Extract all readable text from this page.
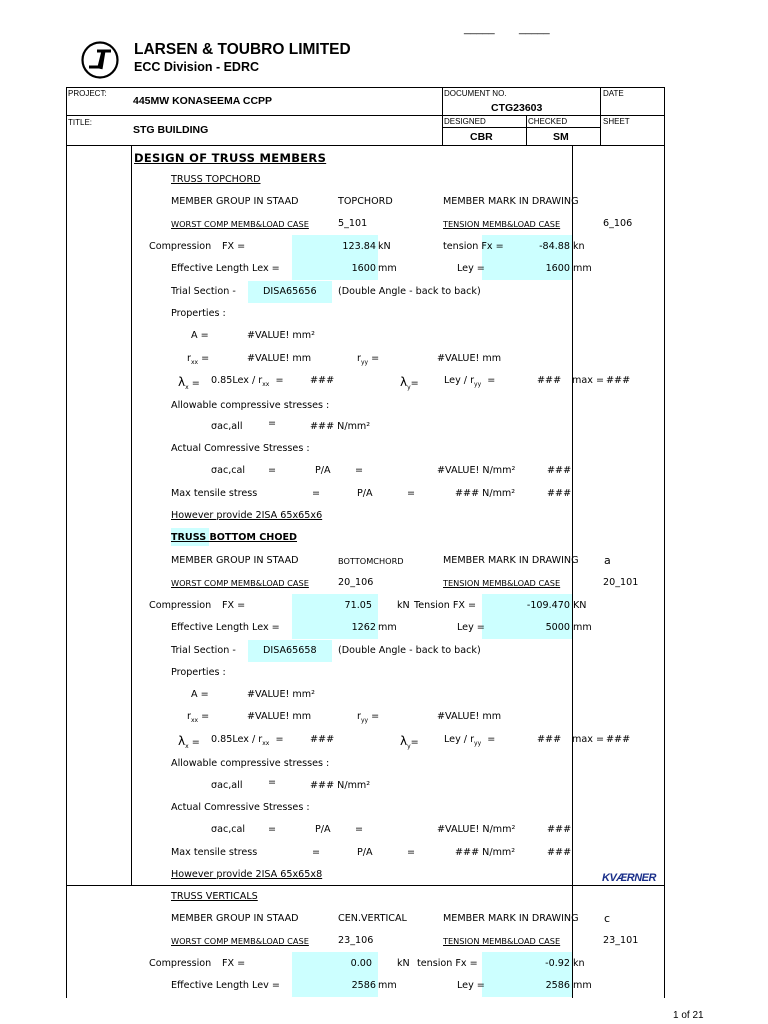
_____ _____
LARSEN & TOUBRO LIMITED
ECC Division - EDRC
PROJECT:
445MW KONASEEMA CCPP
TITLE:
STG BUILDING
DOCUMENT NO.
CTG23603
DATE
DESIGNED
CBR
CHECKED
SM
SHEET
DESIGN OF TRUSS MEMBERS
TRUSS TOPCHORD
MEMBER GROUP IN STAAD	TOPCHORD	MEMBER MARK IN DRAWING
WORST COMP MEMB&LOAD CASE	5_101	TENSION MEMB&LOAD CASE	6_106
Compression FX =	123.84 kN	tension Fx =	-84.88 kn
Effective Length Lex =	1600 mm	Ley =	1600 mm
Trial Section -	DISA65656 (Double Angle - back to back)
Properties :
A =	#VALUE! mm²
$r_{xx}$ =	#VALUE! mm	$r_{yy}$ =	#VALUE! mm
$\lambda_x = 0.85Lex / r_{xx}$ =	###	$\lambda_y=$	Ley / $r_{yy}$ =	### max = ###
Allowable compressive stresses :
σac,all	=	### N/mm²
Actual Comressive Stresses :
σac,cal =	P/A	=	#VALUE! N/mm²	###
Max tensile stress	=	P/A	=	### N/mm²	###
However provide 2ISA 65x65x6
TRUSS BOTTOM CHOED
MEMBER GROUP IN STAAD	BOTTOMCHORD	MEMBER MARK IN DRAWING a
WORST COMP MEMB&LOAD CASE	20_106	TENSION MEMB&LOAD CASE	20_101
Compression FX =	71.05	kN Tension FX =	-109.470 KN
Effective Length Lex =	1262 mm	Ley =	5000 mm
Trial Section -	DISA65658 (Double Angle - back to back)
Properties :
A =	#VALUE! mm²
$r_{xx}$ =	#VALUE! mm	$r_{yy}$ =	#VALUE! mm
$\lambda_x = 0.85Lex / r_{xx}$ =	###	$\lambda_y=$	Ley / $r_{yy}$ =	### max = ###
Allowable compressive stresses :
σac,all	=	### N/mm²
Actual Comressive Stresses :
σac,cal =	P/A	=	#VALUE! N/mm²	###
Max tensile stress	=	P/A	=	### N/mm²	###
However provide 2ISA 65x65x8	KVÆRNER
TRUSS VERTICALS
MEMBER GROUP IN STAAD	CEN.VERTICAL	MEMBER MARK IN DRAWING c
WORST COMP MEMB&LOAD CASE	23_106	TENSION MEMB&LOAD CASE	23_101
Compression FX =	0.00	kN tension Fx =	-0.92 kn
Effective Length Lev =	2586 mm	Ley =	2586 mm
1 of 21
